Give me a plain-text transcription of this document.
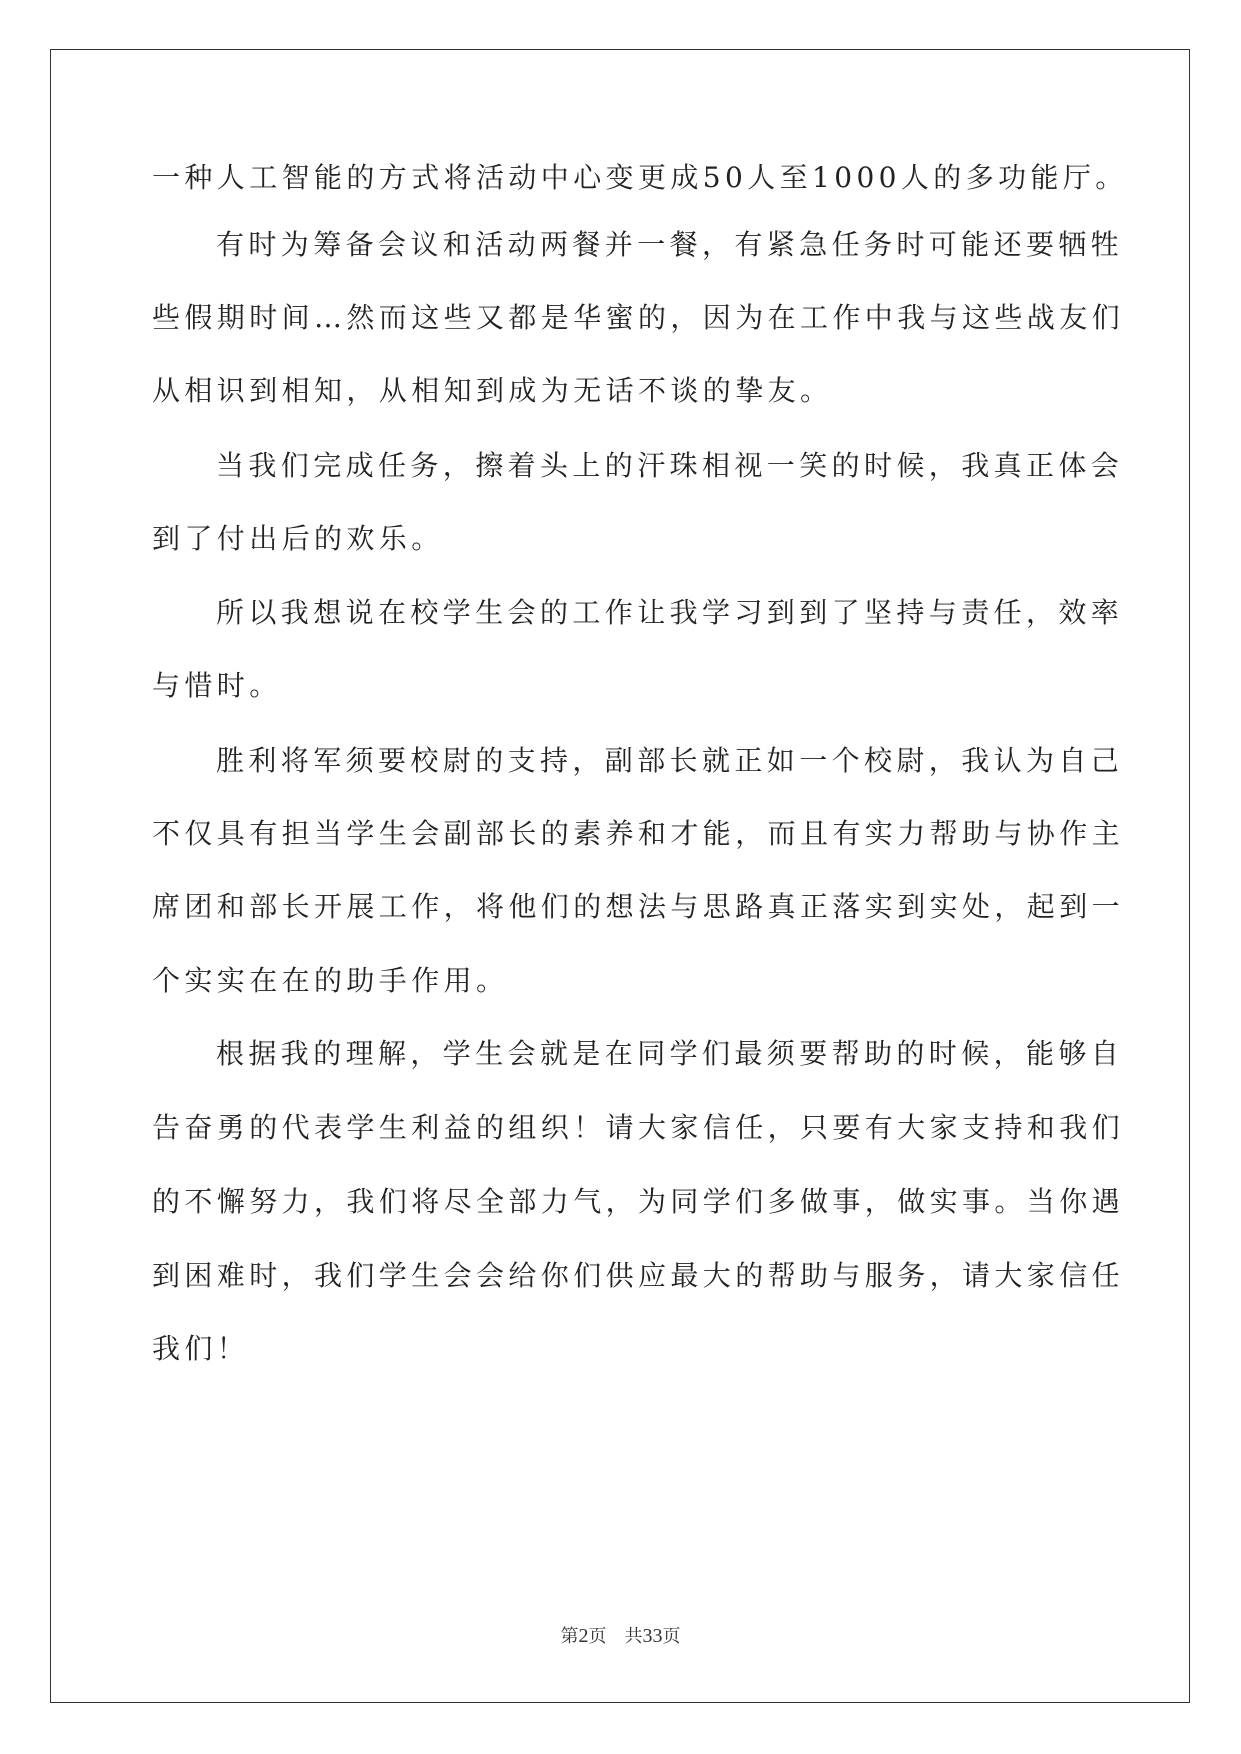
一种人工智能的方式将活动中心变更成50人至1000人的多功能厅。
有时为筹备会议和活动两餐并一餐，有紧急任务时可能还要牺牲
些假期时间…然而这些又都是华蜜的，因为在工作中我与这些战友们
从相识到相知，从相知到成为无话不谈的挚友。
当我们完成任务，擦着头上的汗珠相视一笑的时候，我真正体会
到了付出后的欢乐。
所以我想说在校学生会的工作让我学习到到了坚持与责任，效率
与惜时。
胜利将军须要校尉的支持，副部长就正如一个校尉，我认为自己
不仅具有担当学生会副部长的素养和才能，而且有实力帮助与协作主
席团和部长开展工作，将他们的想法与思路真正落实到实处，起到一
个实实在在的助手作用。
根据我的理解，学生会就是在同学们最须要帮助的时候，能够自
告奋勇的代表学生利益的组织！请大家信任，只要有大家支持和我们
的不懈努力，我们将尽全部力气，为同学们多做事，做实事。当你遇
到困难时，我们学生会会给你们供应最大的帮助与服务，请大家信任
我们！
第2页 共33页
